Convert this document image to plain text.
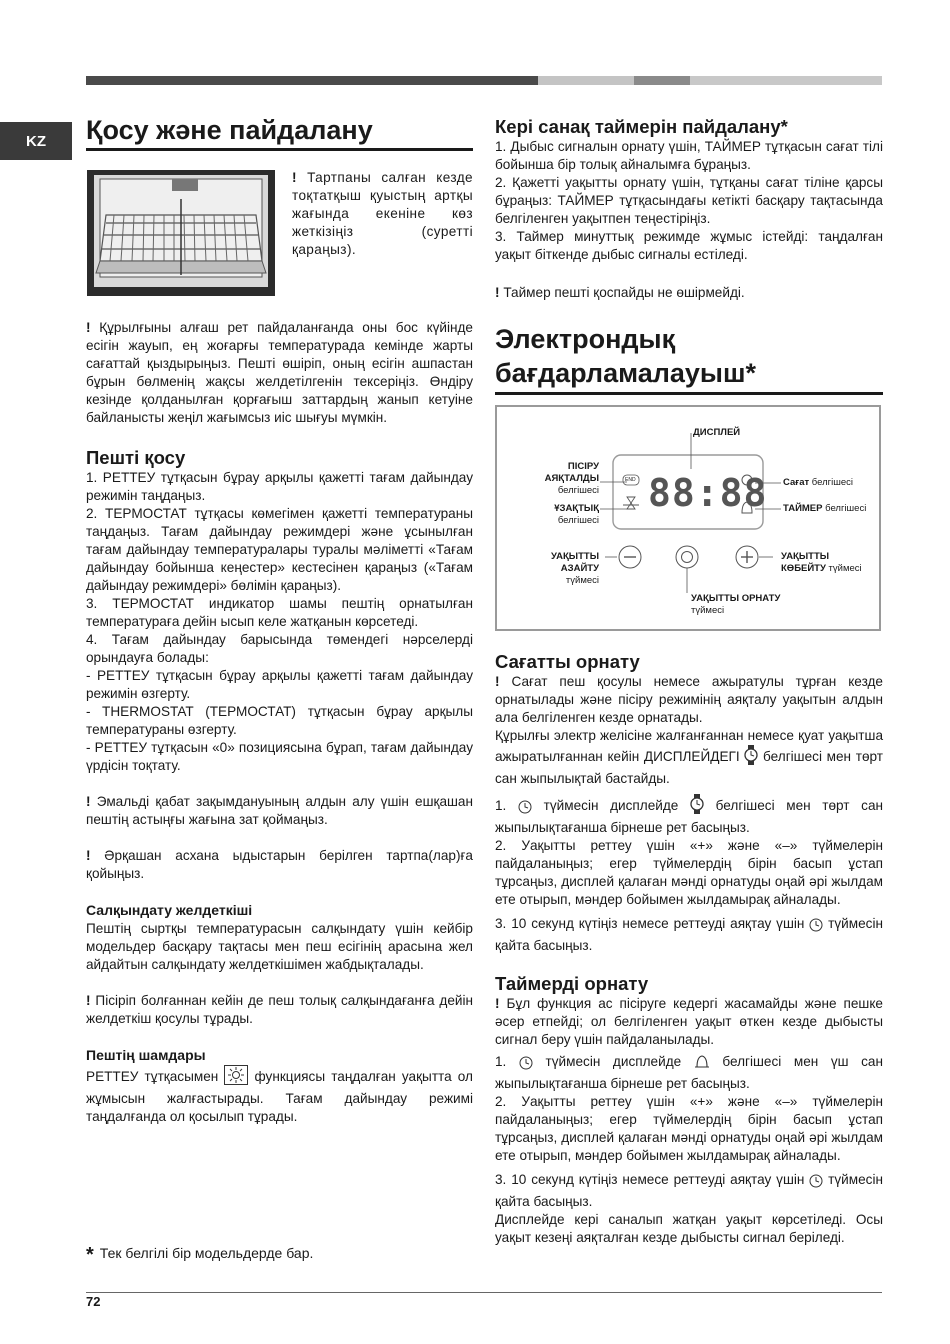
KZ	Қосу және пайдалану

! Тартпаны салған кезде тоқтатқыш қуыстың артқы жағында екеніне көз жеткізіңіз (суретті қараңыз).

! Құрылғыны алғаш рет пайдаланғанда оны бос күйінде есігін жауып, ең жоғарғы температурада кемінде жарты сағаттай қыздырыңыз. Пешті өшіріп, оның есігін ашпастан бұрын бөлменің жақсы желдетілгенін тексеріңіз. Өндіру кезінде қолданылған қорғағыш заттардың жанып кетуіне байланысты жеңіл жағымсыз иіс шығуы мүмкін.

Пешті қосу

1. РЕТТЕУ тұтқасын бұрау арқылы қажетті тағам дайындау режимін таңдаңыз.

2. ТЕРМОСТАТ тұтқасы көмегімен қажетті температураны таңдаңыз. Тағам дайындау режимдері және ұсынылған тағам дайындау температуралары туралы мәліметті «Тағам дайындау бойынша кеңестер» кестесінен қараңыз («Тағам дайындау режимдері» бөлімін қараңыз).

3. ТЕРМОСТАТ индикатор шамы пештің орнатылған температураға дейін ысып келе жатқанын көрсетеді.

4. Тағам дайындау барысында төмендегі нәрселерді орындауға болады:

- РЕТТЕУ тұтқасын бұрау арқылы қажетті тағам дайындау режимін өзгерту.

- THERMOSTAT (ТЕРМОСТАТ) тұтқасын бұрау арқылы температураны өзгерту.

- РЕТТЕУ тұтқасын «0» позициясына бұрап, тағам дайындау үрдісін тоқтату.

! Эмальді қабат зақымдануының алдын алу үшін ешқашан пештің астыңғы жағына зат қоймаңыз.

! Әрқашан асхана ыдыстарын берілген тартпа(лар)ға қойыңыз.

Салқындату желдеткіші

Пештің сыртқы температурасын салқындату үшін кейбір модельдер басқару тақтасы мен пеш есігінің арасына жел айдайтын салқындату желдеткішімен жабдықталады.

! Пісіріп болғаннан кейін де пеш толық салқындағанға дейін желдеткіш қосулы тұрады.

Пештің шамдары

РЕТТЕУ тұтқасымен	функциясы таңдалған уақытта ол жұмысын жалғастырады. Тағам дайындау режимі таңдалғанда ол қосылып тұрады.

Кері санақ таймерін пайдалану*

1. Дыбыс сигналын орнату үшін, ТАЙМЕР тұтқасын сағат тілі бойынша бір толық айналымға бұраңыз.

2. Қажетті уақытты орнату үшін, тұтқаны сағат тіліне қарсы бұраңыз: ТАЙМЕР тұтқасындағы кетікті басқару тақтасында белгіленген уақытпен теңестіріңіз.

3. Таймер минуттық режимде жұмыс істейді: таңдалған уақыт біткенде дыбыс сигналы естіледі.

! Таймер пешті қоспайды не өшірмейді.

Электрондық
бағдарламалауыш*
ДИСПЛЕЙ
END 88:88
ПІСІРУ
АЯҚТАЛДЫ
белгішесі
ҰЗАҚТЫҚ
белгішесі
Сағат белгішесі
ТАЙМЕР белгішесі
УАҚЫТТЫ
АЗАЙТУ
түймесі
УАҚЫТТЫ
КӨБЕЙТУ түймесі
УАҚЫТТЫ ОРНАТУ
түймесі
Сағатты орнату

! Сағат пеш қосулы немесе ажыратулы тұрған кезде орнатылады және пісіру режимінің аяқталу уақытын алдын ала белгіленген кезде орнатады.

Құрылғы электр желісіне жалғанғаннан немесе қуат уақытша ажыратылғаннан кейін ДИСПЛЕЙДЕГІ белгішесі мен төрт сан жыпылықтай бастайды.

1.	түймесін дисплейде	белгішесі мен төрт сан жыпылықтағанша бірнеше рет басыңыз.

2. Уақытты реттеу үшін «+» және «–» түймелерін пайдаланыңыз; егер түймелердің бірін басып ұстап тұрсаңыз, дисплей қалаған мәнді орнатуды оңай әрі жылдам ете отырып, мәндер бойымен жылдамырақ айналады.

3. 10 секунд күтіңіз немесе реттеуді аяқтау үшін түймесін қайта басыңыз.

Таймерді орнату

! Бұл функция ас пісіруге кедергі жасамайды және пешке әсер етпейді; ол белгіленген уақыт өткен кезде дыбысты сигнал беру үшін пайдаланылады.

1.	түймесін дисплейде	белгішесі мен үш сан жыпылықтағанша бірнеше рет басыңыз.

2. Уақытты реттеу үшін «+» және «–» түймелерін пайдаланыңыз; егер түймелердің бірін басып ұстап тұрсаңыз, дисплей қалаған мәнді орнатуды оңай әрі жылдам ете отырып, мәндер бойымен жылдамырақ айналады.

3. 10 секунд күтіңіз немесе реттеуді аяқтау үшін түймесін қайта басыңыз.

Дисплейде кері саналып жатқан уақыт көрсетіледі. Осы уақыт кезеңі аяқталған кезде дыбысты сигнал беріледі.

* Тек белгілі бір модельдерде бар.
72
